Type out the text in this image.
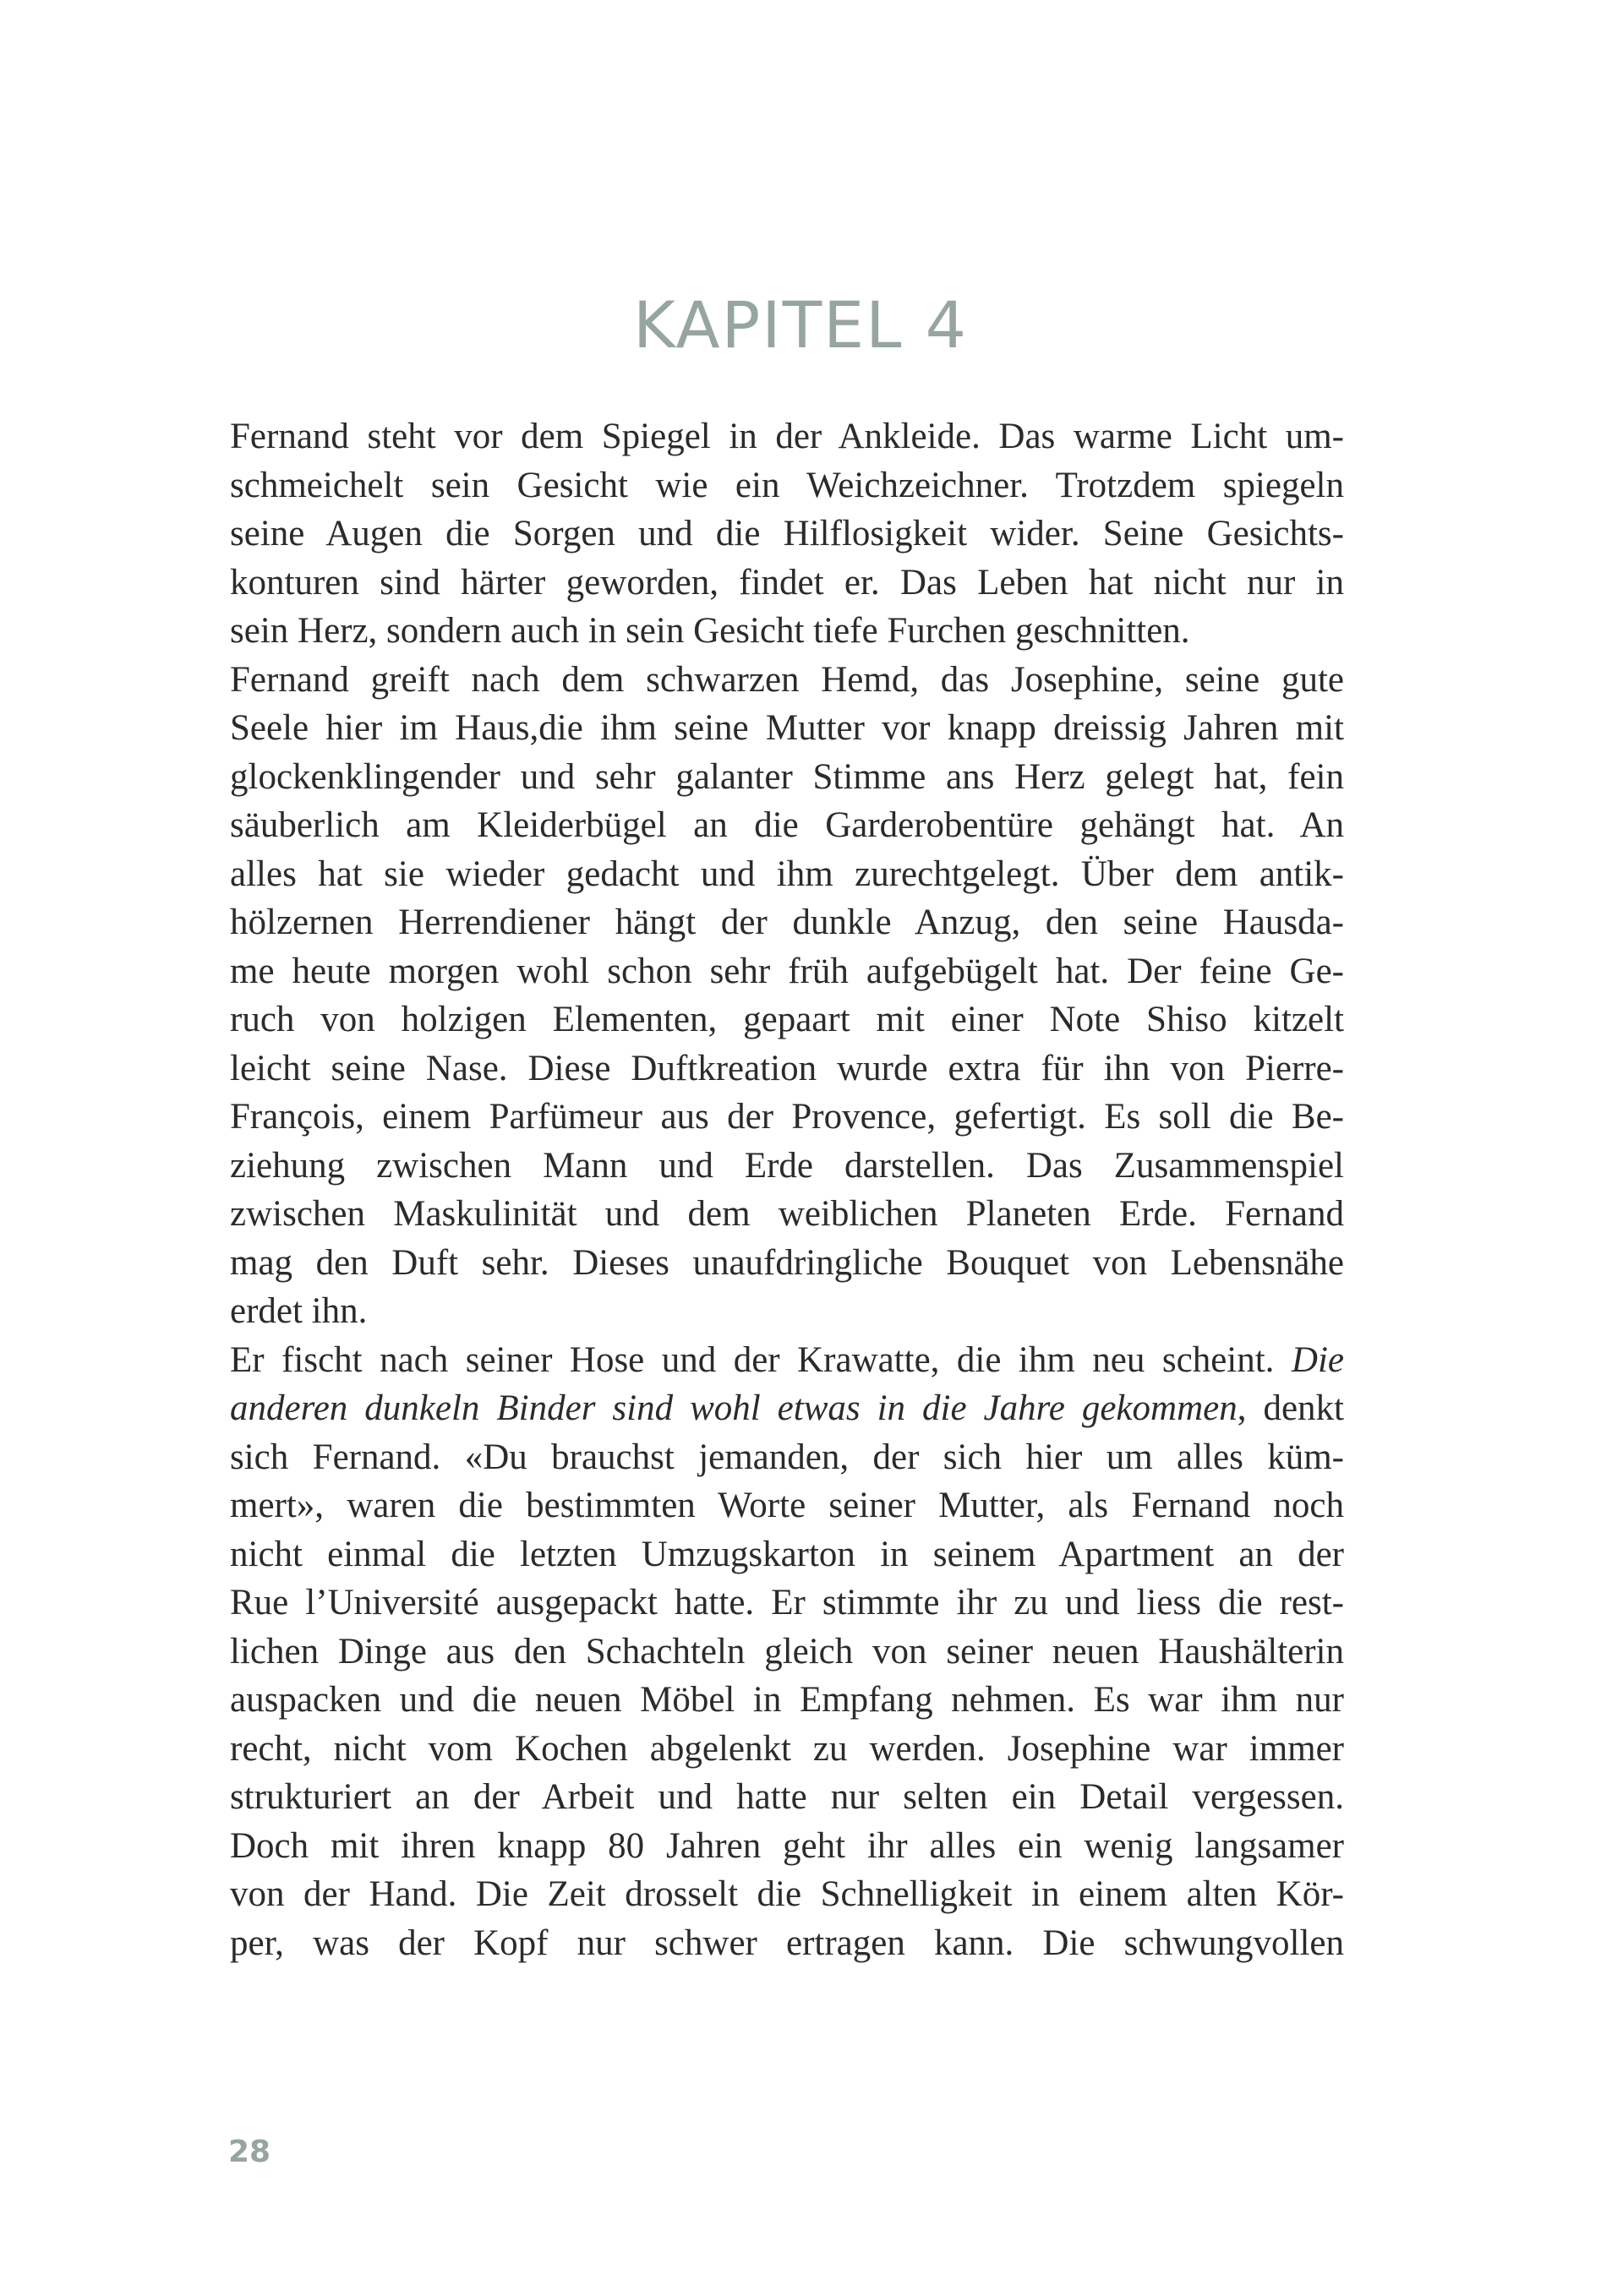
KAPITEL 4
Fernand steht vor dem Spiegel in der Ankleide. Das warme Licht um-
schmeichelt sein Gesicht wie ein Weichzeichner. Trotzdem spiegeln
seine Augen die Sorgen und die Hilflosigkeit wider. Seine Gesichts-
konturen sind härter geworden, findet er. Das Leben hat nicht nur in
sein Herz, sondern auch in sein Gesicht tiefe Furchen geschnitten.
Fernand greift nach dem schwarzen Hemd, das Josephine, seine gute
Seele hier im Haus,die ihm seine Mutter vor knapp dreissig Jahren mit
glockenklingender und sehr galanter Stimme ans Herz gelegt hat, fein
säuberlich am Kleiderbügel an die Garderobentüre gehängt hat. An
alles hat sie wieder gedacht und ihm zurechtgelegt. Über dem antik-
hölzernen Herrendiener hängt der dunkle Anzug, den seine Hausda-
me heute morgen wohl schon sehr früh aufgebügelt hat. Der feine Ge-
ruch von holzigen Elementen, gepaart mit einer Note Shiso kitzelt
leicht seine Nase. Diese Duftkreation wurde extra für ihn von Pierre-
François, einem Parfümeur aus der Provence, gefertigt. Es soll die Be-
ziehung zwischen Mann und Erde darstellen. Das Zusammenspiel
zwischen Maskulinität und dem weiblichen Planeten Erde. Fernand
mag den Duft sehr. Dieses unaufdringliche Bouquet von Lebensnähe
erdet ihn.
Er fischt nach seiner Hose und der Krawatte, die ihm neu scheint. Die
anderen dunkeln Binder sind wohl etwas in die Jahre gekommen, denkt
sich Fernand. «Du brauchst jemanden, der sich hier um alles küm-
mert», waren die bestimmten Worte seiner Mutter, als Fernand noch
nicht einmal die letzten Umzugskarton in seinem Apartment an der
Rue l’Université ausgepackt hatte. Er stimmte ihr zu und liess die rest-
lichen Dinge aus den Schachteln gleich von seiner neuen Haushälterin
auspacken und die neuen Möbel in Empfang nehmen. Es war ihm nur
recht, nicht vom Kochen abgelenkt zu werden. Josephine war immer
strukturiert an der Arbeit und hatte nur selten ein Detail vergessen.
Doch mit ihren knapp 80 Jahren geht ihr alles ein wenig langsamer
von der Hand. Die Zeit drosselt die Schnelligkeit in einem alten Kör-
per, was der Kopf nur schwer ertragen kann. Die schwungvollen
28
